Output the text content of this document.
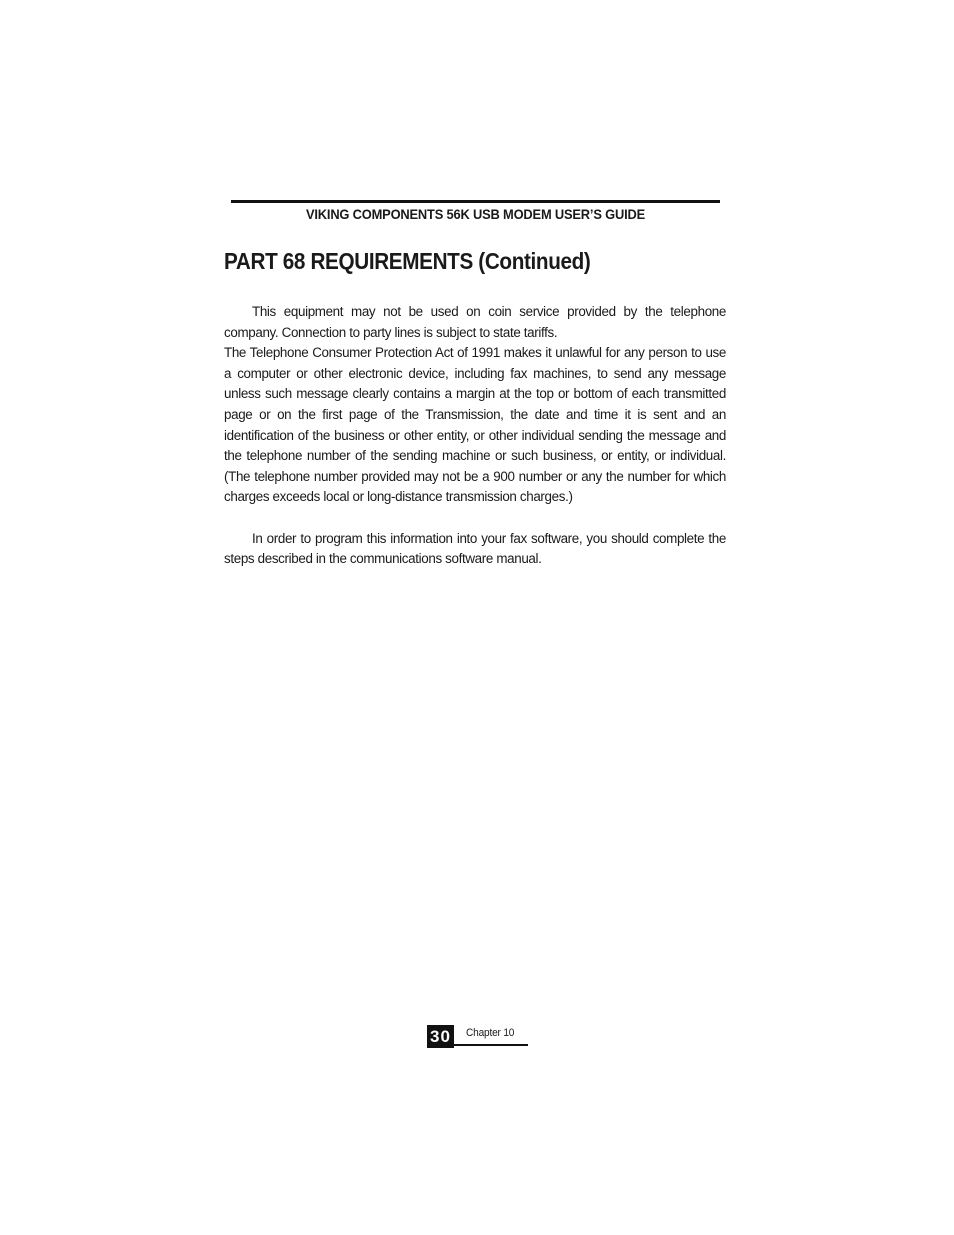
VIKING COMPONENTS 56K USB MODEM USER’S GUIDE
PART 68 REQUIREMENTS (Continued)

This equipment may not be used on coin service provided by the telephone company. Connection to party lines is subject to state tariffs.

The Telephone Consumer Protection Act of 1991 makes it unlawful for any person to use a computer or other electronic device, including fax machines, to send any message unless such message clearly contains a margin at the top or bottom of each transmitted page or on the first page of the Transmission, the date and time it is sent and an identification of the business or other entity, or other individual sending the message and the telephone number of the sending machine or such business, or entity, or individual. (The telephone number provided may not be a 900 number or any the number for which charges exceeds local or long-distance transmission charges.)

In order to program this information into your fax software, you should complete the steps described in the communications software manual.

30 Chapter 10
